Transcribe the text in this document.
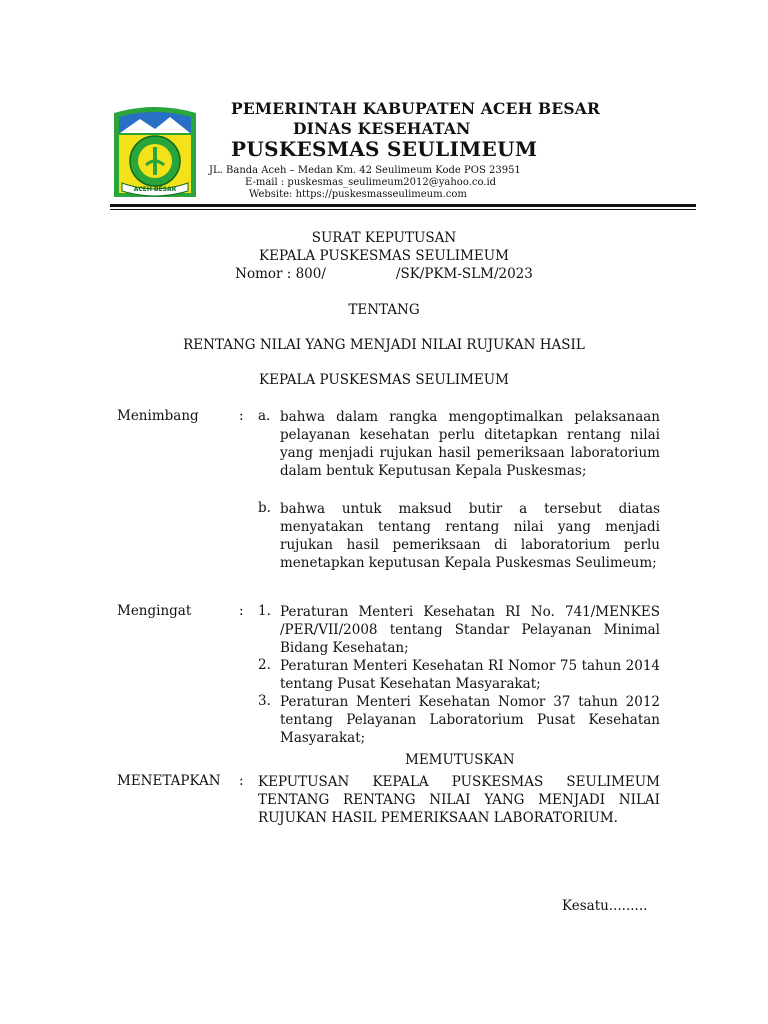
ACEH BESAR
PEMERINTAH KABUPATEN ACEH BESAR
DINAS KESEHATAN
PUSKESMAS SEULIMEUM
JL. Banda Aceh – Medan Km. 42 Seulimeum Kode POS 23951
E-mail : puskesmas_seulimeum2012@yahoo.co.id
Website: https://puskesmasseulimeum.com
SURAT KEPUTUSAN
KEPALA PUSKESMAS SEULIMEUM
Nomor : 800/	/SK/PKM-SLM/2023
TENTANG
RENTANG NILAI YANG MENJADI NILAI RUJUKAN HASIL
KEPALA PUSKESMAS SEULIMEUM
Menimbang	: a. bahwa dalam rangka mengoptimalkan pelaksanaan pelayanan kesehatan perlu ditetapkan rentang nilai yang menjadi rujukan hasil pemeriksaan laboratorium dalam bentuk Keputusan Kepala Puskesmas;

b. bahwa untuk maksud butir a tersebut diatas menyatakan tentang rentang nilai yang menjadi rujukan hasil pemeriksaan di laboratorium perlu menetapkan keputusan Kepala Puskesmas Seulimeum;

Mengingat	: 1. Peraturan Menteri Kesehatan RI No. 741/MENKES /PER/VII/2008 tentang Standar Pelayanan Minimal Bidang Kesehatan;

2. Peraturan Menteri Kesehatan RI Nomor 75 tahun 2014 tentang Pusat Kesehatan Masyarakat;

3. Peraturan Menteri Kesehatan Nomor 37 tahun 2012 tentang Pelayanan Laboratorium Pusat Kesehatan Masyarakat;

MEMUTUSKAN
MENETAPKAN : KEPUTUSAN KEPALA PUSKESMAS SEULIMEUM TENTANG RENTANG NILAI YANG MENJADI NILAI RUJUKAN HASIL PEMERIKSAAN LABORATORIUM.

Kesatu.........
